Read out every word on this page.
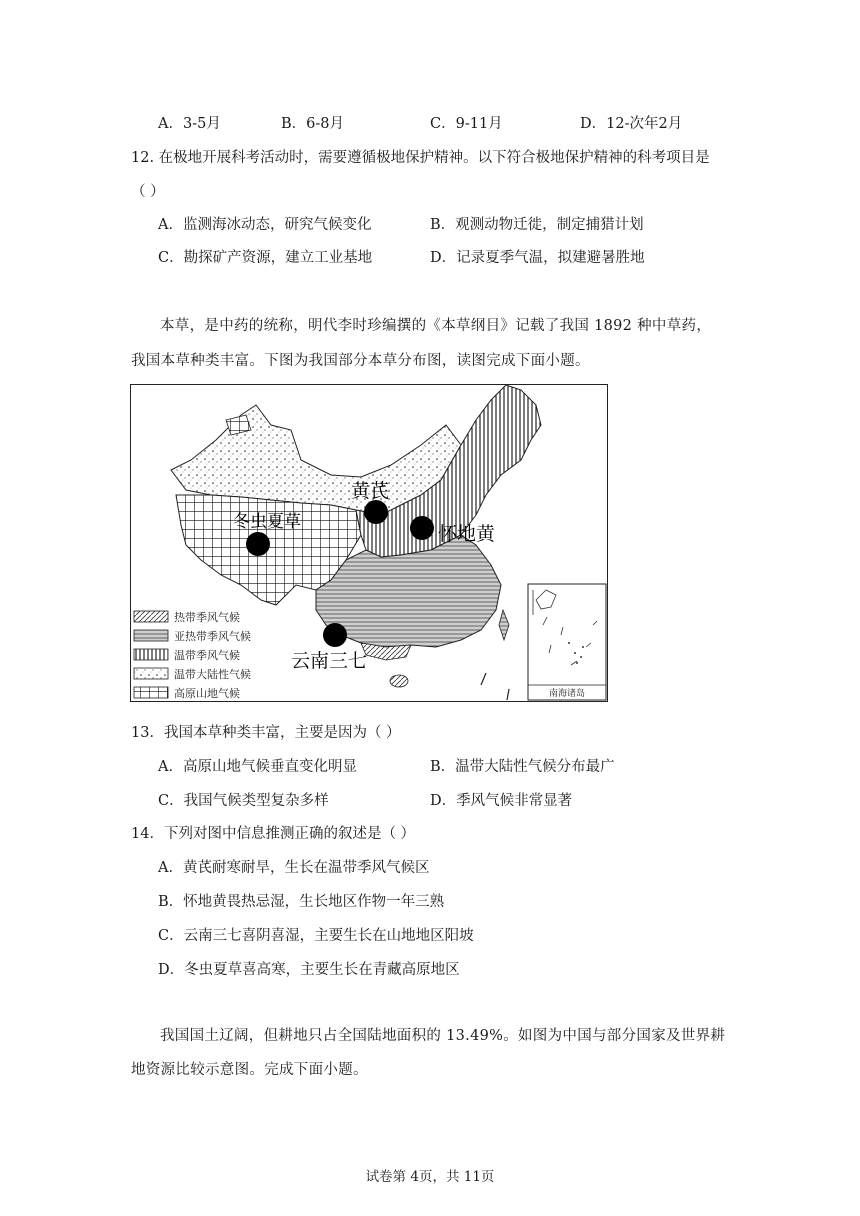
A．3-5月	B．6-8月	C．9-11月	D．12-次年2月
12. 在极地开展科考活动时，需要遵循极地保护精神。以下符合极地保护精神的科考项目是
（ ）
A．监测海冰动态，研究气候变化	B．观测动物迁徙，制定捕猎计划
C．勘探矿产资源，建立工业基地	D．记录夏季气温，拟建避暑胜地
本草，是中药的统称，明代李时珍编撰的《本草纲目》记载了我国 1892 种中草药，
我国本草种类丰富。下图为我国部分本草分布图，读图完成下面小题。
黄芪
冬虫夏草
怀地黄
云南三七
热带季风气候
亚热带季风气候
温带季风气候
温带大陆性气候
高原山地气候	南海诸岛
13．我国本草种类丰富，主要是因为（ ）
A．高原山地气候垂直变化明显	B．温带大陆性气候分布最广
C．我国气候类型复杂多样	D．季风气候非常显著
14．下列对图中信息推测正确的叙述是（ ）
A．黄芪耐寒耐旱，生长在温带季风气候区
B．怀地黄畏热忌湿，生长地区作物一年三熟
C．云南三七喜阴喜湿，主要生长在山地地区阳坡
D．冬虫夏草喜高寒，主要生长在青藏高原地区
我国国土辽阔，但耕地只占全国陆地面积的 13.49%。如图为中国与部分国家及世界耕
地资源比较示意图。完成下面小题。
试卷第 4页，共 11页
